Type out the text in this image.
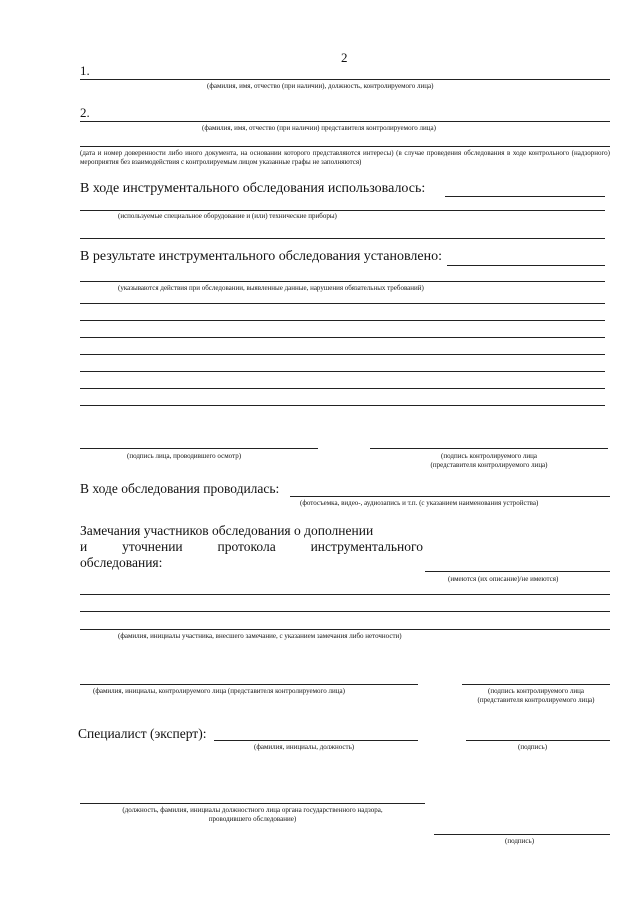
2
1.
(фамилия, имя, отчество (при наличии), должность, контролируемого лица)
2.
(фамилия, имя, отчество (при наличии) представителя контролируемого лица)
(дата и номер доверенности либо иного документа, на основании которого представляются интересы) (в случае проведения обследования в ходе контрольного (надзорного) мероприятия без взаимодействия с контролируемым лицом указанные графы не заполняются)
В ходе инструментального обследования использовалось:
(используемые специальное оборудование и (или) технические приборы)
В результате инструментального обследования установлено:
(указываются действия при обследовании, выявленные данные, нарушения обязательных требований)
(подпись лица, проводившего осмотр)	(подпись контролируемого лица
(представителя контролируемого лица)
В ходе обследования проводилась:
(фотосъемка, видео-, аудиозапись и т.п. (с указанием наименования устройства)
Замечания участников обследования о дополнении
и	уточнении	протокола	инструментального
обследования:
(имеются (их описание)/не имеются)
(фамилия, инициалы участника, внесшего замечание, с указанием замечания либо неточности)
(фамилия, инициалы, контролируемого лица (представителя контролируемого лица)	(подпись контролируемого лица
(представителя контролируемого лица)
Специалист (эксперт):
(фамилия, инициалы, должность)	(подпись)
(должность, фамилия, инициалы должностного лица органа государственного надзора,
проводившего обследование)
(подпись)
